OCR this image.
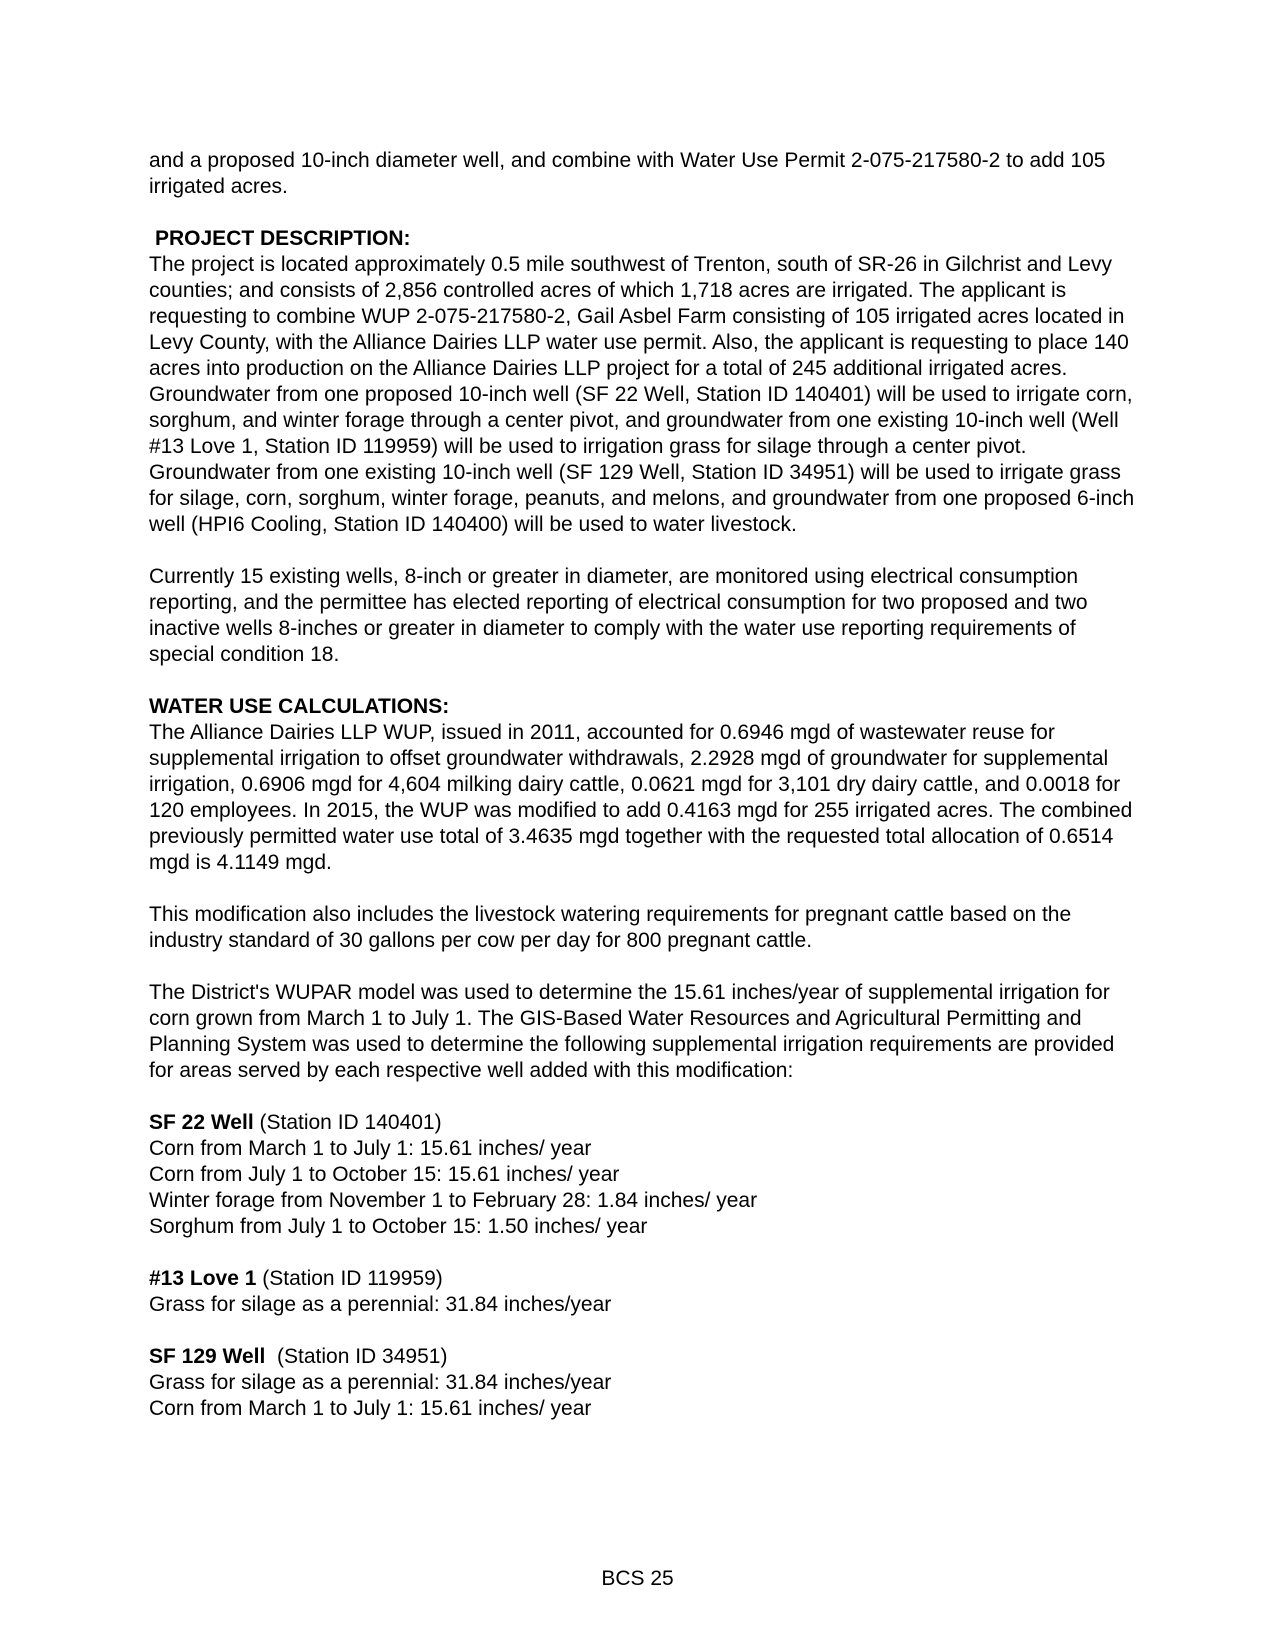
and a proposed 10-inch diameter well, and combine with Water Use Permit 2-075-217580-2 to add 105 irrigated acres.

PROJECT DESCRIPTION:

The project is located approximately 0.5 mile southwest of Trenton, south of SR-26 in Gilchrist and Levy counties; and consists of 2,856 controlled acres of which 1,718 acres are irrigated. The applicant is requesting to combine WUP 2-075-217580-2, Gail Asbel Farm consisting of 105 irrigated acres located in Levy County, with the Alliance Dairies LLP water use permit. Also, the applicant is requesting to place 140 acres into production on the Alliance Dairies LLP project for a total of 245 additional irrigated acres. Groundwater from one proposed 10-inch well (SF 22 Well, Station ID 140401) will be used to irrigate corn, sorghum, and winter forage through a center pivot, and groundwater from one existing 10-inch well (Well #13 Love 1, Station ID 119959) will be used to irrigation grass for silage through a center pivot. Groundwater from one existing 10-inch well (SF 129 Well, Station ID 34951) will be used to irrigate grass for silage, corn, sorghum, winter forage, peanuts, and melons, and groundwater from one proposed 6-inch well (HPI6 Cooling, Station ID 140400) will be used to water livestock.

Currently 15 existing wells, 8-inch or greater in diameter, are monitored using electrical consumption reporting, and the permittee has elected reporting of electrical consumption for two proposed and two inactive wells 8-inches or greater in diameter to comply with the water use reporting requirements of special condition 18.

WATER USE CALCULATIONS:

The Alliance Dairies LLP WUP, issued in 2011, accounted for 0.6946 mgd of wastewater reuse for supplemental irrigation to offset groundwater withdrawals, 2.2928 mgd of groundwater for supplemental irrigation, 0.6906 mgd for 4,604 milking dairy cattle, 0.0621 mgd for 3,101 dry dairy cattle, and 0.0018 for 120 employees. In 2015, the WUP was modified to add 0.4163 mgd for 255 irrigated acres. The combined previously permitted water use total of 3.4635 mgd together with the requested total allocation of 0.6514 mgd is 4.1149 mgd.

This modification also includes the livestock watering requirements for pregnant cattle based on the industry standard of 30 gallons per cow per day for 800 pregnant cattle.

The District's WUPAR model was used to determine the 15.61 inches/year of supplemental irrigation for corn grown from March 1 to July 1. The GIS-Based Water Resources and Agricultural Permitting and Planning System was used to determine the following supplemental irrigation requirements are provided for areas served by each respective well added with this modification:

SF 22 Well (Station ID 140401)
Corn from March 1 to July 1: 15.61 inches/ year
Corn from July 1 to October 15: 15.61 inches/ year
Winter forage from November 1 to February 28: 1.84 inches/ year
Sorghum from July 1 to October 15: 1.50 inches/ year
#13 Love 1 (Station ID 119959)
Grass for silage as a perennial: 31.84 inches/year
SF 129 Well  (Station ID 34951)
Grass for silage as a perennial: 31.84 inches/year
Corn from March 1 to July 1: 15.61 inches/ year
BCS 25
